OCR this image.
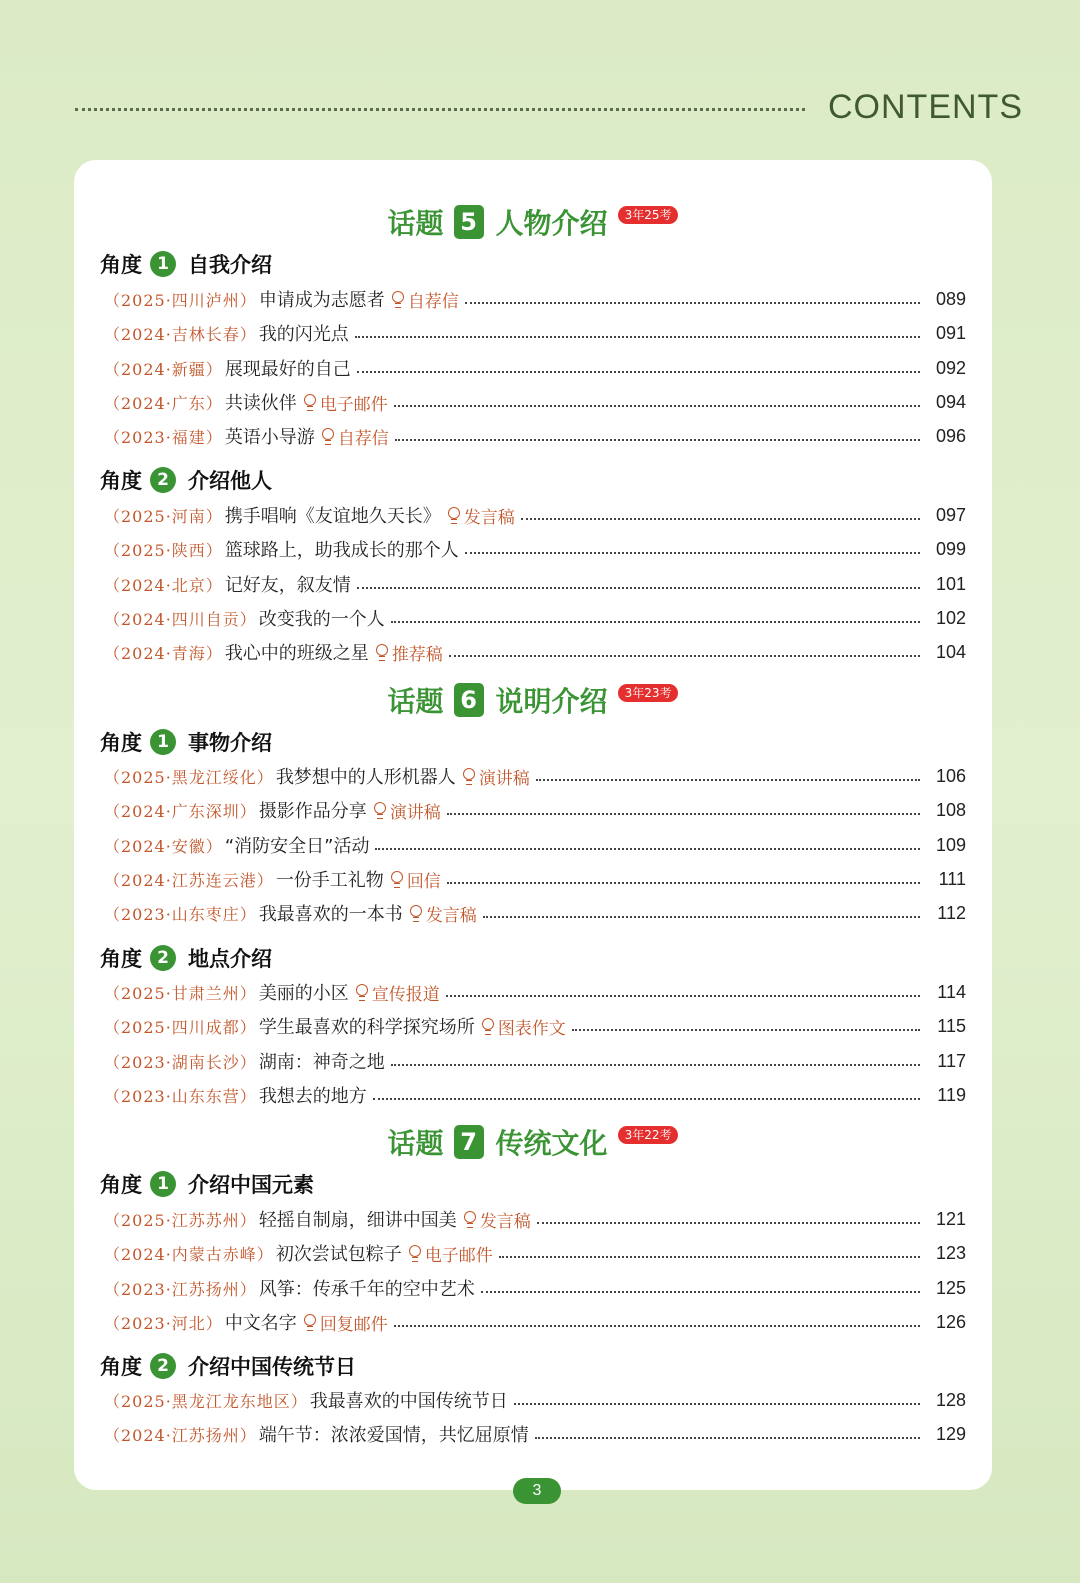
CONTENTS
话题 5 人物介绍	3年25考
角度 1 自我介绍
（2025·四川泸州） 申请成为志愿者 自荐信	089
（2024·吉林长春） 我的闪光点	091
（2024·新疆） 展现最好的自己	092
（2024·广东） 共读伙伴 电子邮件	094
（2023·福建） 英语小导游 自荐信	096
角度 2 介绍他人
（2025·河南） 携手唱响《友谊地久天长》 发言稿	097
（2025·陕西） 篮球路上，助我成长的那个人	099
（2024·北京） 记好友，叙友情	101
（2024·四川自贡） 改变我的一个人	102
（2024·青海） 我心中的班级之星 推荐稿	104
话题 6 说明介绍	3年23考
角度 1 事物介绍
（2025·黑龙江绥化） 我梦想中的人形机器人 演讲稿	106
（2024·广东深圳） 摄影作品分享 演讲稿	108
（2024·安徽） “消防安全日”活动	109
（2024·江苏连云港） 一份手工礼物 回信	111
（2023·山东枣庄） 我最喜欢的一本书 发言稿	112
角度 2 地点介绍
（2025·甘肃兰州） 美丽的小区 宣传报道	114
（2025·四川成都） 学生最喜欢的科学探究场所 图表作文	115
（2023·湖南长沙） 湖南：神奇之地	117
（2023·山东东营） 我想去的地方	119
话题 7 传统文化	3年22考
角度 1 介绍中国元素
（2025·江苏苏州） 轻摇自制扇，细讲中国美 发言稿	121
（2024·内蒙古赤峰） 初次尝试包粽子 电子邮件	123
（2023·江苏扬州） 风筝：传承千年的空中艺术	125
（2023·河北） 中文名字 回复邮件	126
角度 2 介绍中国传统节日
（2025·黑龙江龙东地区） 我最喜欢的中国传统节日	128
（2024·江苏扬州） 端午节：浓浓爱国情，共忆屈原情	129
3
